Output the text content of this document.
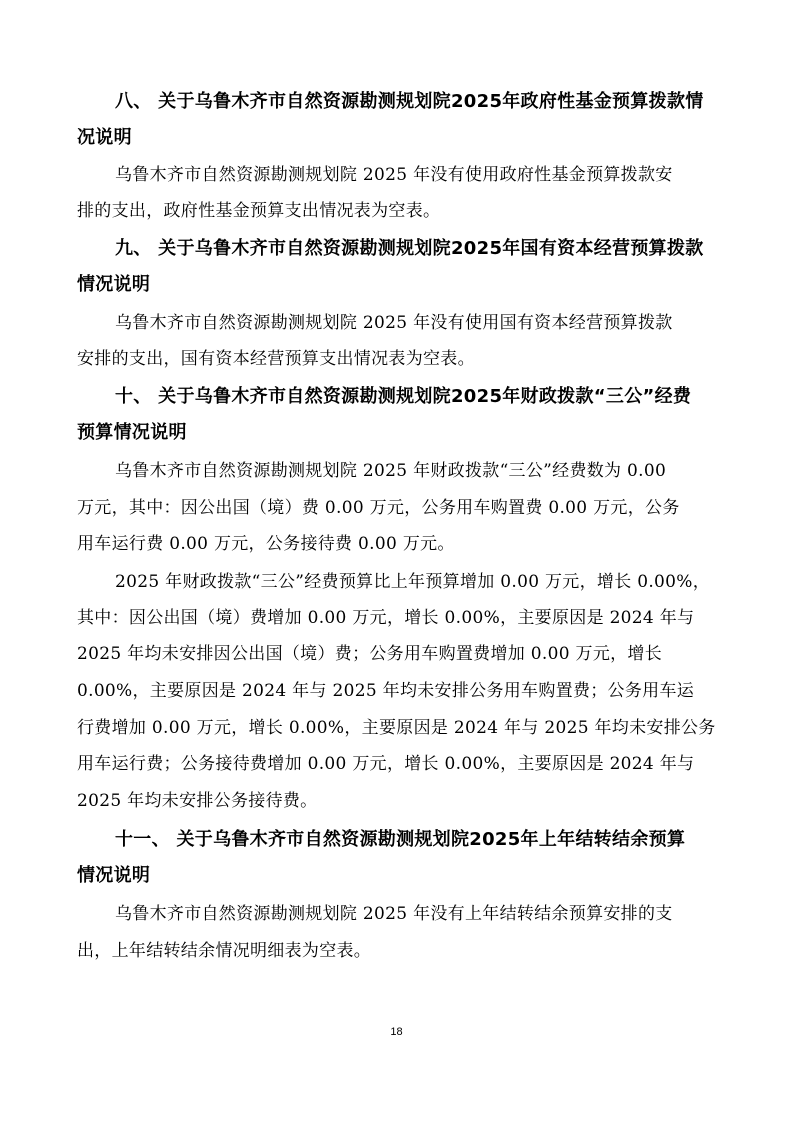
八、 关于乌鲁木齐市自然资源勘测规划院2025年政府性基金预算拨款情
况说明
乌鲁木齐市自然资源勘测规划院 2025 年没有使用政府性基金预算拨款安
排的支出，政府性基金预算支出情况表为空表。
九、 关于乌鲁木齐市自然资源勘测规划院2025年国有资本经营预算拨款
情况说明
乌鲁木齐市自然资源勘测规划院 2025 年没有使用国有资本经营预算拨款
安排的支出，国有资本经营预算支出情况表为空表。
十、 关于乌鲁木齐市自然资源勘测规划院2025年财政拨款“三公”经费
预算情况说明
乌鲁木齐市自然资源勘测规划院 2025 年财政拨款“三公”经费数为 0.00
万元，其中：因公出国（境）费 0.00 万元，公务用车购置费 0.00 万元，公务
用车运行费 0.00 万元，公务接待费 0.00 万元。
2025 年财政拨款“三公”经费预算比上年预算增加 0.00 万元，增长 0.00%，
其中：因公出国（境）费增加 0.00 万元，增长 0.00%，主要原因是 2024 年与
2025 年均未安排因公出国（境）费；公务用车购置费增加 0.00 万元，增长
0.00%，主要原因是 2024 年与 2025 年均未安排公务用车购置费；公务用车运
行费增加 0.00 万元，增长 0.00%，主要原因是 2024 年与 2025 年均未安排公务
用车运行费；公务接待费增加 0.00 万元，增长 0.00%，主要原因是 2024 年与
2025 年均未安排公务接待费。
十一、 关于乌鲁木齐市自然资源勘测规划院2025年上年结转结余预算
情况说明
乌鲁木齐市自然资源勘测规划院 2025 年没有上年结转结余预算安排的支
出，上年结转结余情况明细表为空表。
18
